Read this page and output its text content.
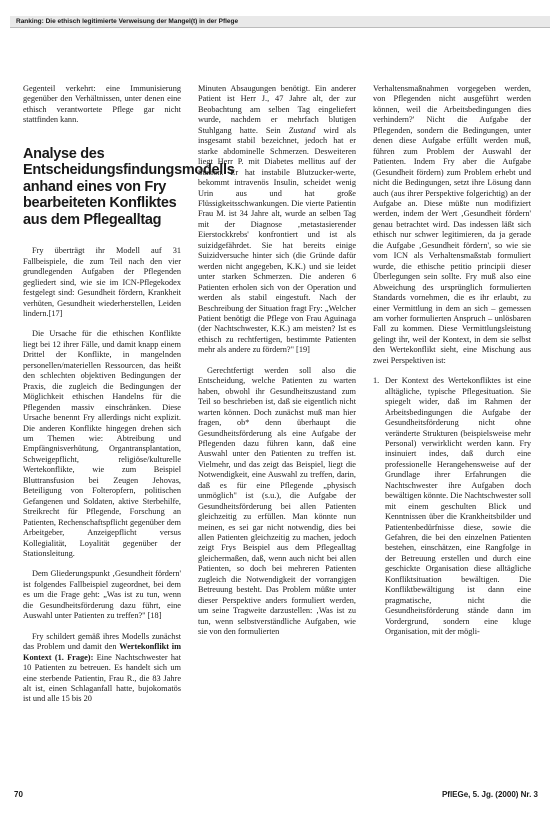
Ranking: Die ethisch legitimierte Verweisung der Mangel(t) in der Pflege

Gegenteil verkehrt: eine Immunisierung gegenüber den Verhältnissen, unter denen eine ethisch verantwortete Pflege gar nicht stattfinden kann.

Analyse des Entscheidungsfindungsmodells anhand eines von Fry bearbeiteten Konfliktes aus dem Pflegealltag

Fry überträgt ihr Modell auf 31 Fallbeispiele, die zum Teil nach den vier grundlegenden Aufgaben der Pflegenden gegliedert sind, wie sie im ICN-Pflegekodex festgelegt sind: Gesundheit fördern, Krankheit verhüten, Gesundheit wiederherstellen, Leiden lindern.[17]

Die Ursache für die ethischen Konflikte liegt bei 12 ihrer Fälle, und damit knapp einem Drittel der Konflikte, in mangelnden personellen/materiellen Ressourcen, das heißt den schlechten objektiven Bedingungen der Praxis, die zugleich die Bedingungen der Möglichkeit ethischen Handelns für die Pflegenden massiv einschränken. Diese Ursache benennt Fry allerdings nicht explizit. Die anderen Konflikte hingegen drehen sich um Themen wie: Abtreibung und Empfängnisverhütung, Organtransplantation, Schweigepflicht, religiöse/kulturelle Wertekonflikte, wie zum Beispiel Bluttransfusion bei Zeugen Jehovas, Beteiligung von Folteropfern, politischen Gefangenen und Soldaten, aktive Sterbehilfe, Streikrecht für Pflegende, Forschung an Patienten, Rechenschaftspflicht gegenüber dem Arbeitgeber, Anzeigepflicht versus Kollegialität, Loyalität gegenüber der Stationsleitung.

Dem Gliederungspunkt ‚Gesundheit fördern' ist folgendes Fallbeispiel zugeordnet, bei dem es um die Frage geht: „Was ist zu tun, wenn die Gesundheitsförderung dazu führt, eine Auswahl unter Patienten zu treffen?" [18]

Fry schildert gemäß ihres Modells zunächst das Problem und damit den Wertekonflikt im Kontext (1. Frage): Eine Nachtschwester hat 10 Patienten zu betreuen. Es handelt sich um eine sterbende Patientin, Frau R., die 83 Jahre alt ist, einen Schlaganfall hatte, bujokomatös ist und alle 15 bis 20

Minuten Absaugungen benötigt. Ein anderer Patient ist Herr J., 47 Jahre alt, der zur Beobachtung am selben Tag eingeliefert wurde, nachdem er mehrfach blutigen Stuhlgang hatte. Sein Zustand wird als insgesamt stabil bezeichnet, jedoch hat er starke abdominelle Schmerzen. Desweiteren liegt Herr P. mit Diabetes mellitus auf der Station. Er hat instabile Blutzucker-werte, bekommt intravenös Insulin, scheidet wenig Urin aus und hat große Flüssigkeitsschwankungen. Die vierte Patientin Frau M. ist 34 Jahre alt, wurde an selben Tag mit der Diagnose ‚metastasierender Eierstockkrebs' konfrontiert und ist als suizidgefährdet. Sie hat bereits einige Suizidversuche hinter sich (die Gründe dafür werden nicht angegeben, K.K.) und sie leidet unter starken Schmerzen. Die anderen 6 Patienten erholen sich von der Operation und werden als stabil eingestuft. Nach der Beschreibung der Situation fragt Fry: „Welcher Patient benötigt die Pflege von Frau Aguinaga (der Nachtschwester, K.K.) am meisten? Ist es ethisch zu rechtfertigen, bestimmte Patienten mehr als andere zu fördern?" [19]

Gerechtfertigt werden soll also die Entscheidung, welche Patienten zu warten haben, obwohl ihr Gesundheitszustand zum Teil so beschrieben ist, daß sie eigentlich nicht warten können. Doch zunächst muß man hier fragen, ob* denn überhaupt die Gesundheitsförderung als eine Aufgabe der Pflegenden dazu führen kann, daß eine Auswahl unter den Patienten zu treffen ist. Vielmehr, und das zeigt das Beispiel, liegt die Notwendigkeit, eine Auswahl zu treffen, darin, daß es für eine Pflegende „physisch unmöglich" ist (s.u.), die Aufgabe der Gesundheitsförderung bei allen Patienten gleichzeitig zu erfüllen. Man könnte nun meinen, es sei gar nicht notwendig, dies bei allen Patienten gleichzeitig zu machen, jedoch zeigt Frys Beispiel aus dem Pflegealltag gleichermaßen, daß, wenn auch nicht bei allen Patienten, so doch bei mehreren Patienten zugleich die Notwendigkeit der vorrangigen Betreuung besteht. Das Problem müßte unter dieser Perspektive anders formuliert werden, um seine Tragweite darzustellen: ‚Was ist zu tun, wenn selbstverständliche Aufgaben, wie sie von den formulierten

Verhaltensmaßnahmen vorgegeben werden, von Pflegenden nicht ausgeführt werden können, weil die Arbeitsbedingungen dies verhindern?' Nicht die Aufgabe der Pflegenden, sondern die Bedingungen, unter denen diese Aufgabe erfüllt werden muß, führen zum Problem der Auswahl der Patienten. Indem Fry aber die Aufgabe (Gesundheit fördern) zum Problem erhebt und nicht die Bedingungen, setzt ihre Lösung dann auch (aus ihrer Perspektive folgerichtig) an der Aufgabe an. Diese müßte nun modifiziert werden, indem der Wert ‚Gesundheit fördern' genau betrachtet wird. Das indessen läßt sich ethisch nur schwer legitimieren, da ja gerade die Aufgabe ‚Gesundheit fördern', so wie sie vom ICN als Verhaltensmaßstab formuliert wurde, die ethische petitio principii dieser Überlegungen sein sollte. Fry muß also eine Abweichung des ursprünglich formulierten Standards vornehmen, die es ihr erlaubt, zu einer Vermittlung in dem an sich – gemessen am vorher formulierten Anspruch – unlösbaren Fall zu kommen. Diese Vermittlungsleistung gelingt ihr, weil der Kontext, in dem sie selbst den Wertekonflikt sieht, eine Mischung aus zwei Perspektiven ist:

1. Der Kontext des Wertekonfliktes ist eine alltägliche, typische Pflegesituation. Sie spiegelt wider, daß im Rahmen der Arbeitsbedingungen die Aufgabe der Gesundheitsförderung nicht ohne veränderte Strukturen (beispielsweise mehr Personal) verwirklicht werden kann. Fry insinuiert indes, daß durch eine professionelle Herangehensweise auf der Grundlage ihrer Erfahrungen die Nachtschwester ihre Aufgaben doch bewältigen könnte. Die Nachtschwester soll mit einem geschulten Blick und Kenntnissen über die Krankheitsbilder und Patientenbedürfnisse diese, sowie die Gefahren, die bei den einzelnen Patienten bestehen, einschätzen, eine Rangfolge in der Betreuung erstellen und durch eine geschickte Organisation diese alltägliche Konfliktsituation bewältigen. Die Konfliktbewältigung ist dann eine pragmatische, nicht die Gesundheitsförderung stände dann im Vordergrund, sondern eine kluge Organisation, mit der mögli-
70	PflEGe, 5. Jg. (2000) Nr. 3
